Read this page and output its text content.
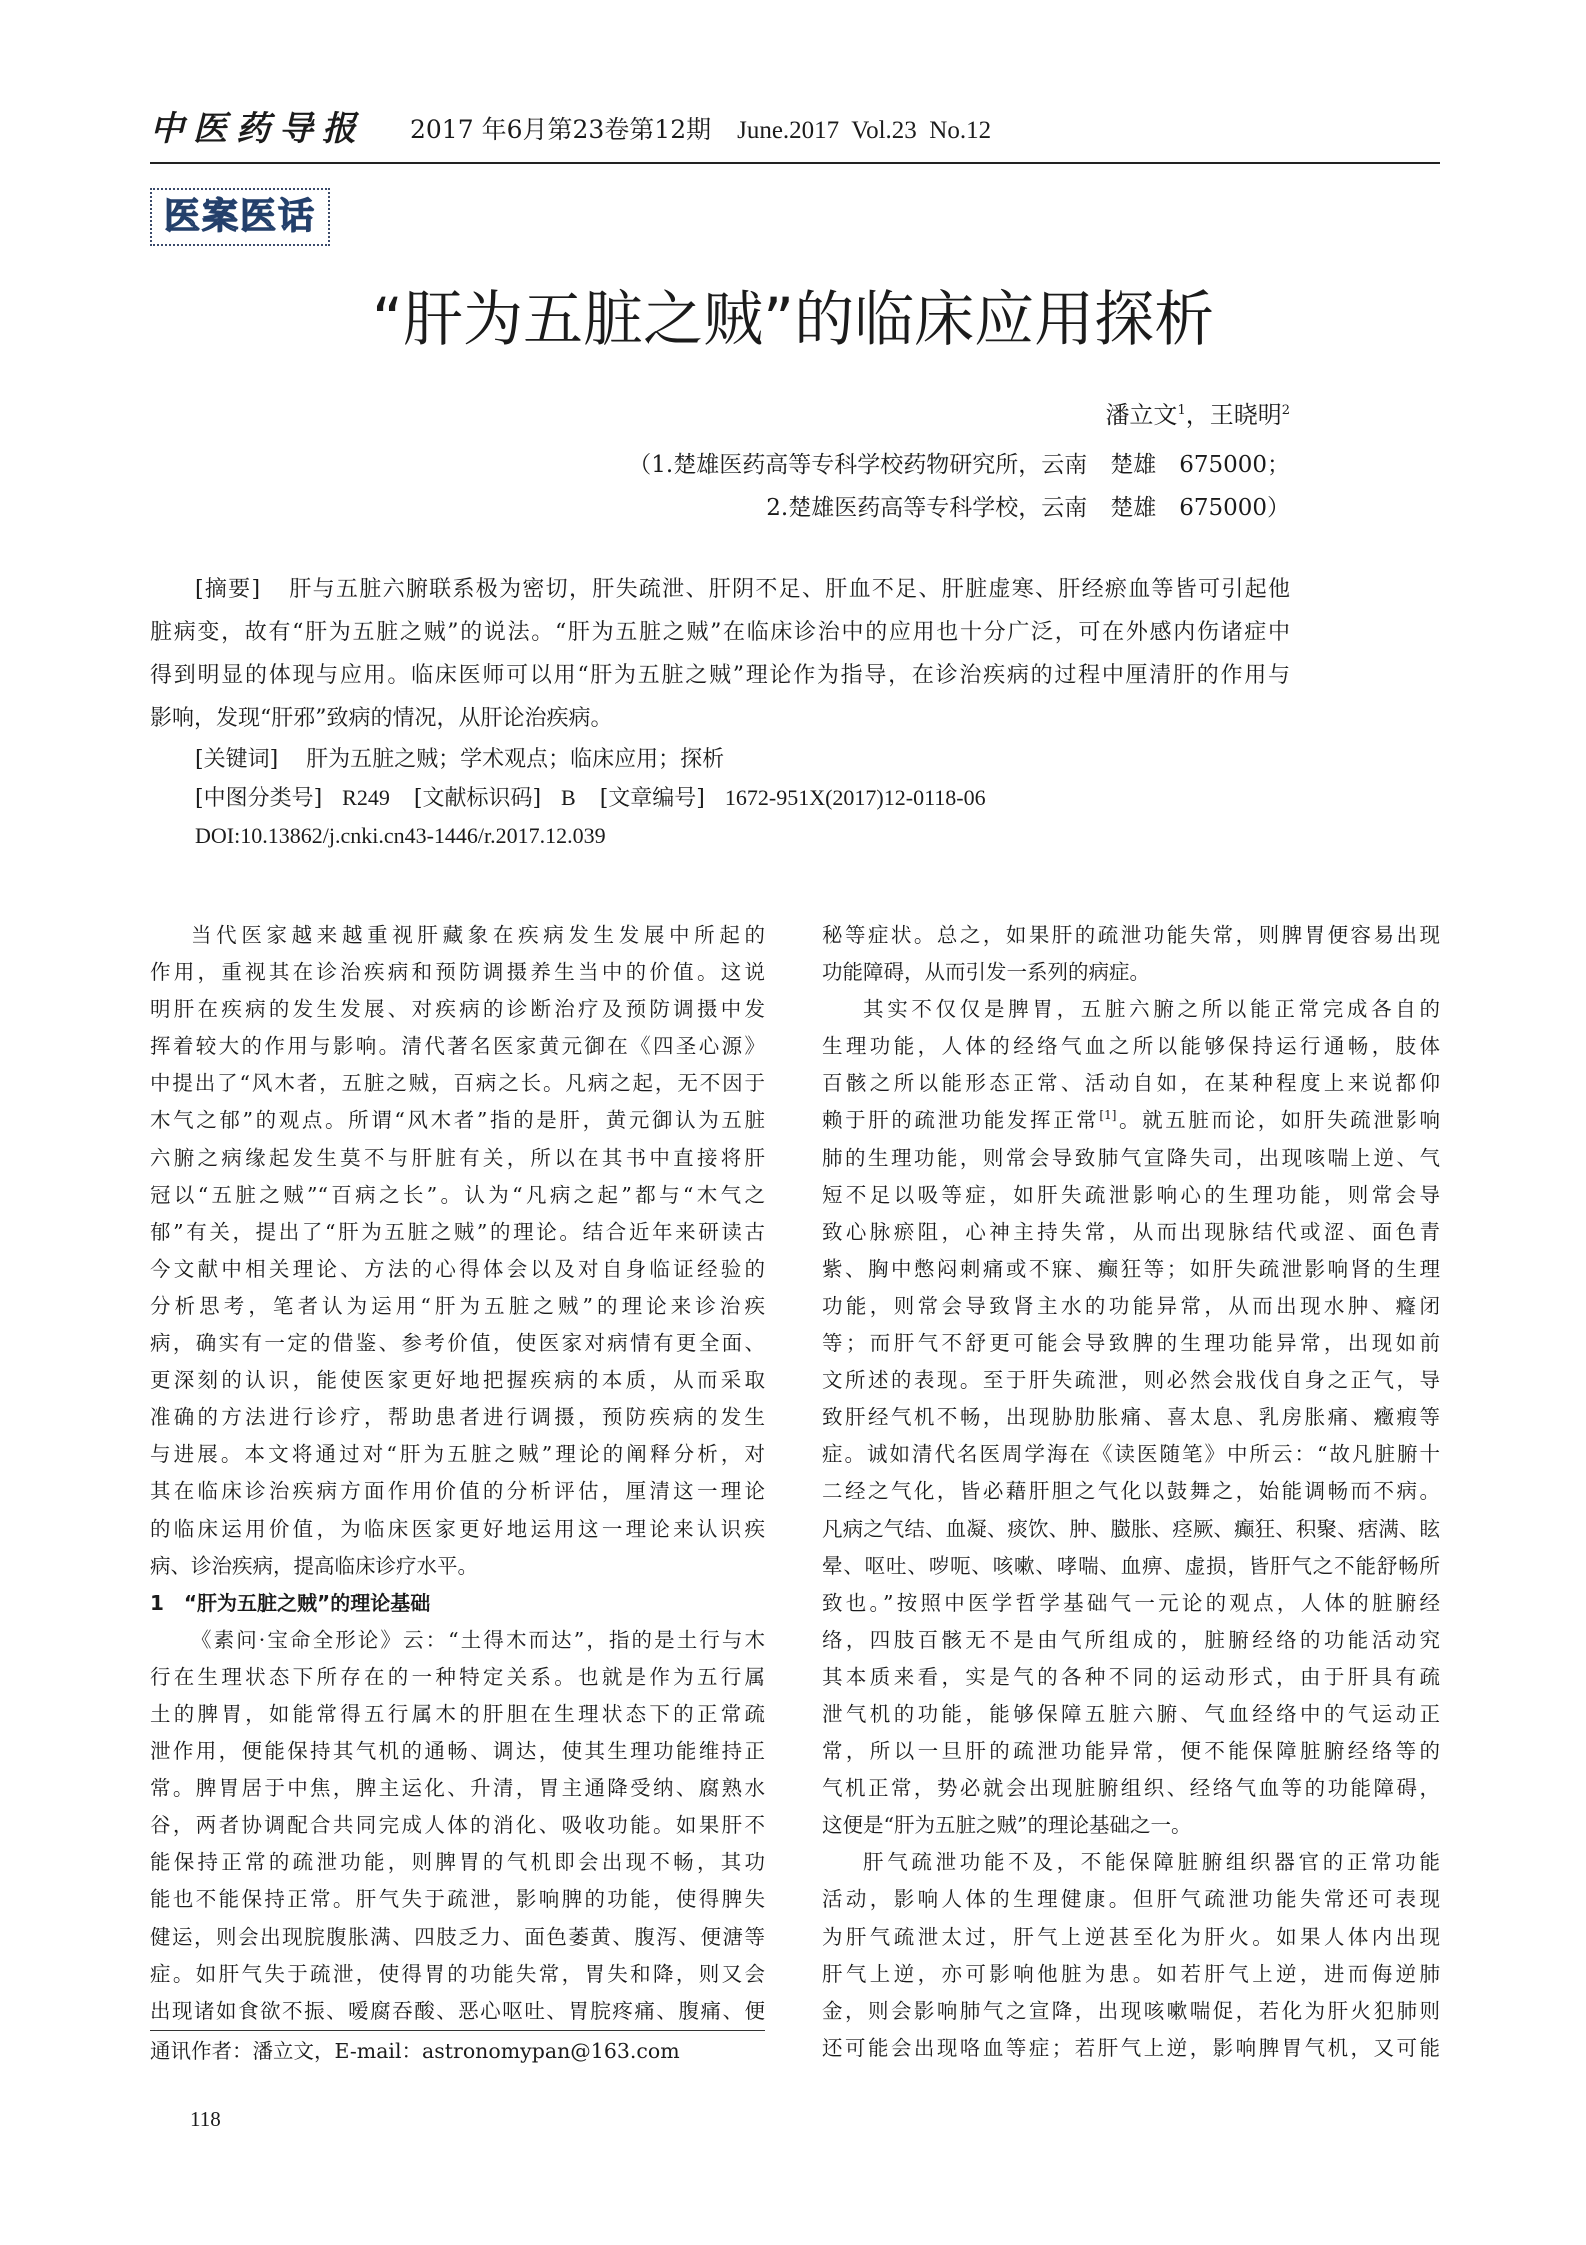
中医药导报 2017 年6月第23卷第12期 June.2017  Vol.23  No.12
医案医话
“肝为五脏之贼”的临床应用探析
潘立文$^1$，王晓明$^2$
（1.楚雄医药高等专科学校药物研究所，云南　楚雄　675000；
2.楚雄医药高等专科学校，云南　楚雄　675000）
[摘要] 肝与五脏六腑联系极为密切，肝失疏泄、肝阴不足、肝血不足、肝脏虚寒、肝经瘀血等皆可引起他
脏病变，故有“肝为五脏之贼”的说法。“肝为五脏之贼”在临床诊治中的应用也十分广泛，可在外感内伤诸症中
得到明显的体现与应用。临床医师可以用“肝为五脏之贼”理论作为指导，在诊治疾病的过程中厘清肝的作用与
影响，发现“肝邪”致病的情况，从肝论治疾病。
[关键词] 肝为五脏之贼；学术观点；临床应用；探析
[中图分类号] R249 [文献标识码] B [文章编号] 1672-951X(2017)12-0118-06
DOI:10.13862/j.cnki.cn43-1446/r.2017.12.039
当代医家越来越重视肝藏象在疾病发生发展中所起的
作用，重视其在诊治疾病和预防调摄养生当中的价值。这说
明肝在疾病的发生发展、对疾病的诊断治疗及预防调摄中发
挥着较大的作用与影响。清代著名医家黄元御在《四圣心源》
中提出了“风木者，五脏之贼，百病之长。凡病之起，无不因于
木气之郁”的观点。所谓“风木者”指的是肝，黄元御认为五脏
六腑之病缘起发生莫不与肝脏有关，所以在其书中直接将肝
冠以“五脏之贼”“百病之长”。认为“凡病之起”都与“木气之
郁”有关，提出了“肝为五脏之贼”的理论。结合近年来研读古
今文献中相关理论、方法的心得体会以及对自身临证经验的
分析思考，笔者认为运用“肝为五脏之贼”的理论来诊治疾
病，确实有一定的借鉴、参考价值，使医家对病情有更全面、
更深刻的认识，能使医家更好地把握疾病的本质，从而采取
准确的方法进行诊疗，帮助患者进行调摄，预防疾病的发生
与进展。本文将通过对“肝为五脏之贼”理论的阐释分析，对
其在临床诊治疾病方面作用价值的分析评估，厘清这一理论
的临床运用价值，为临床医家更好地运用这一理论来认识疾
病、诊治疾病，提高临床诊疗水平。
1　“肝为五脏之贼”的理论基础
《素问·宝命全形论》云：“土得木而达”，指的是土行与木
行在生理状态下所存在的一种特定关系。也就是作为五行属
土的脾胃，如能常得五行属木的肝胆在生理状态下的正常疏
泄作用，便能保持其气机的通畅、调达，使其生理功能维持正
常。脾胃居于中焦，脾主运化、升清，胃主通降受纳、腐熟水
谷，两者协调配合共同完成人体的消化、吸收功能。如果肝不
能保持正常的疏泄功能，则脾胃的气机即会出现不畅，其功
能也不能保持正常。肝气失于疏泄，影响脾的功能，使得脾失
健运，则会出现脘腹胀满、四肢乏力、面色萎黄、腹泻、便溏等
症。如肝气失于疏泄，使得胃的功能失常，胃失和降，则又会
出现诸如食欲不振、嗳腐吞酸、恶心呕吐、胃脘疼痛、腹痛、便
秘等症状。总之，如果肝的疏泄功能失常，则脾胃便容易出现
功能障碍，从而引发一系列的病症。
其实不仅仅是脾胃，五脏六腑之所以能正常完成各自的
生理功能，人体的经络气血之所以能够保持运行通畅，肢体
百骸之所以能形态正常、活动自如，在某种程度上来说都仰
赖于肝的疏泄功能发挥正常[1]。就五脏而论，如肝失疏泄影响
肺的生理功能，则常会导致肺气宣降失司，出现咳喘上逆、气
短不足以吸等症，如肝失疏泄影响心的生理功能，则常会导
致心脉瘀阻，心神主持失常，从而出现脉结代或涩、面色青
紫、胸中憋闷刺痛或不寐、癫狂等；如肝失疏泄影响肾的生理
功能，则常会导致肾主水的功能异常，从而出现水肿、癃闭
等；而肝气不舒更可能会导致脾的生理功能异常，出现如前
文所述的表现。至于肝失疏泄，则必然会戕伐自身之正气，导
致肝经气机不畅，出现胁肋胀痛、喜太息、乳房胀痛、癥瘕等
症。诚如清代名医周学海在《读医随笔》中所云：“故凡脏腑十
二经之气化，皆必藉肝胆之气化以鼓舞之，始能调畅而不病。
凡病之气结、血凝、痰饮、肿、臌胀、痉厥、癫狂、积聚、痞满、眩
晕、呕吐、哕呃、咳嗽、哮喘、血痹、虚损，皆肝气之不能舒畅所
致也。”按照中医学哲学基础气一元论的观点，人体的脏腑经
络，四肢百骸无不是由气所组成的，脏腑经络的功能活动究
其本质来看，实是气的各种不同的运动形式，由于肝具有疏
泄气机的功能，能够保障五脏六腑、气血经络中的气运动正
常，所以一旦肝的疏泄功能异常，便不能保障脏腑经络等的
气机正常，势必就会出现脏腑组织、经络气血等的功能障碍，
这便是“肝为五脏之贼”的理论基础之一。
肝气疏泄功能不及，不能保障脏腑组织器官的正常功能
活动，影响人体的生理健康。但肝气疏泄功能失常还可表现
为肝气疏泄太过，肝气上逆甚至化为肝火。如果人体内出现
肝气上逆，亦可影响他脏为患。如若肝气上逆，进而侮逆肺
金，则会影响肺气之宣降，出现咳嗽喘促，若化为肝火犯肺则
还可能会出现咯血等症；若肝气上逆，影响脾胃气机，又可能
通讯作者：潘立文，E-mail：astronomypan@163.com
118
